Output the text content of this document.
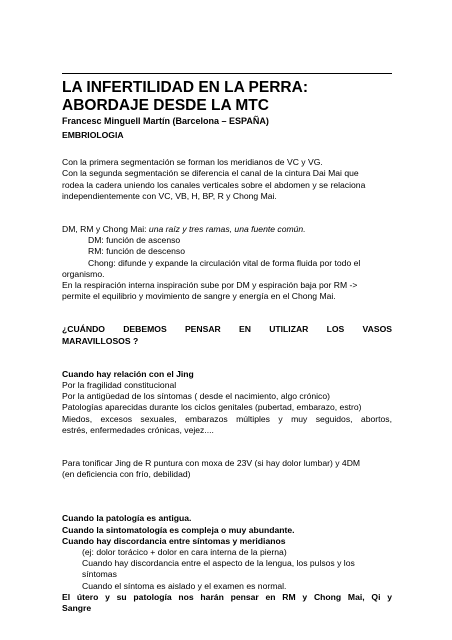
LA INFERTILIDAD EN LA PERRA:
ABORDAJE DESDE LA MTC
Francesc Minguell Martín (Barcelona – ESPAÑA)

EMBRIOLOGIA

Con la primera segmentación se forman los meridianos de VC y VG.

Con la segunda segmentación se diferencia el canal de la cintura Dai Mai que

rodea la cadera uniendo los canales verticales sobre el abdomen y se relaciona

independientemente con VC, VB, H, BP, R y Chong Mai.

DM, RM y Chong Mai: una raíz y tres ramas, una fuente común.

DM: función de ascenso

RM: función de descenso

Chong: difunde y expande la circulación vital de forma fluida por todo el

organismo.

En la respiración interna inspiración sube por DM y espiración baja por RM ->

permite el equilibrio y movimiento de sangre y energía en el Chong Mai.

¿CUÁNDO DEBEMOS PENSAR EN UTILIZAR LOS VASOS

MARAVILLOSOS ?

Cuando hay relación con el Jing

Por la fragilidad constitucional

Por la antigüedad de los síntomas ( desde el nacimiento, algo crónico)

Patologías aparecidas durante los ciclos genitales (pubertad, embarazo, estro)

Miedos, excesos sexuales, embarazos múltiples y muy seguidos, abortos,

estrés, enfermedades crónicas, vejez....

Para tonificar Jing de R puntura con moxa de 23V (si hay dolor lumbar) y 4DM

(en deficiencia con frío, debilidad)

Cuando la patología es antigua.

Cuando la sintomatología es compleja o muy abundante.

Cuando hay discordancia entre síntomas y meridianos

(ej: dolor torácico + dolor en cara interna de la pierna)

Cuando hay discordancia entre el aspecto de la lengua, los pulsos y los

síntomas

Cuando el síntoma es aislado y el examen es normal.

El útero y su patología nos harán pensar en RM y Chong Mai, Qi y

Sangre
